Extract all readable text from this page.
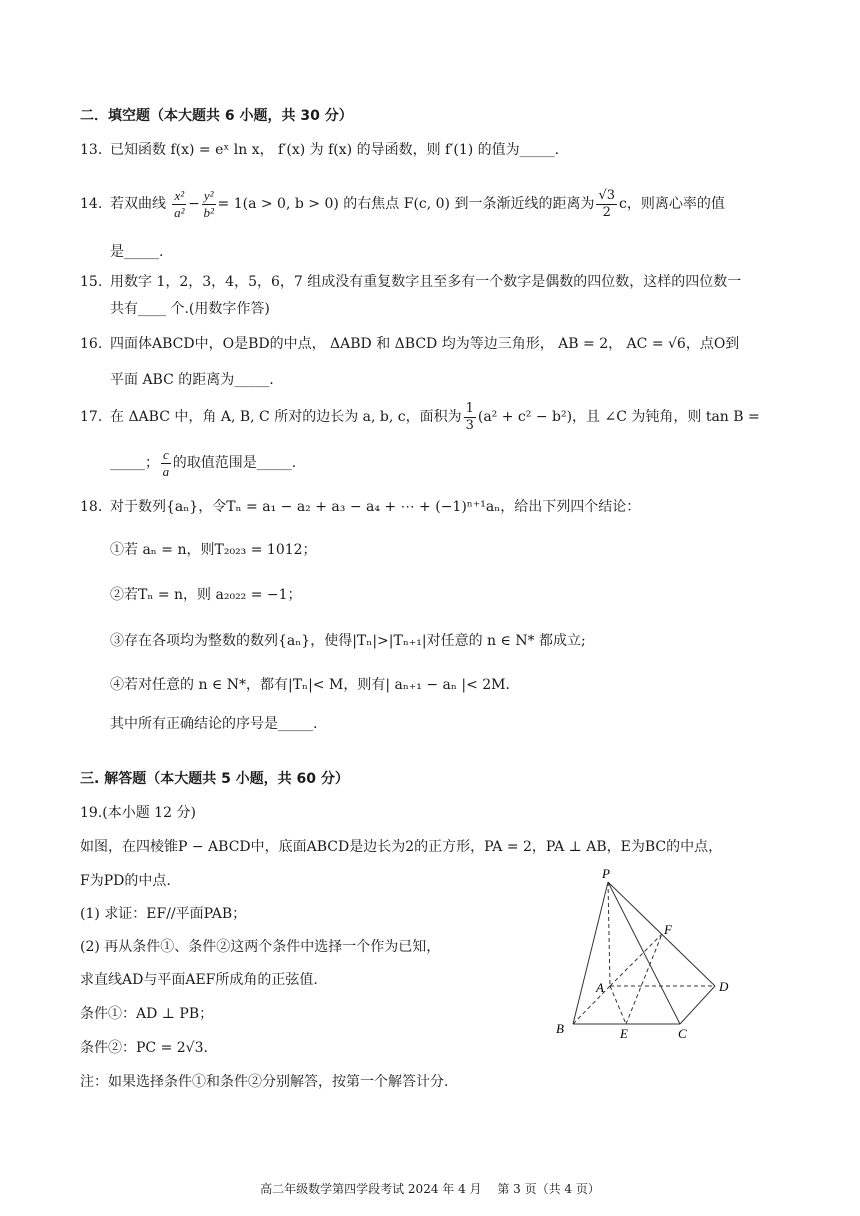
二．填空题（本大题共 6 小题，共 30 分）
13. 已知函数 f(x) = eˣ ln x， f′(x) 为 f(x) 的导函数，则 f′(1) 的值为_____.
14. 若双曲线 $\frac{\text{x²}}{\text{a²}} - \frac{\text{y²}}{\text{b²}} = 1(a > 0$, b > 0) 的右焦点 F(c, 0) 到一条渐近线的距离为 $\frac{√3}{2}$ c，则离心率的值
是_____.
15. 用数字 1，2，3，4，5，6，7 组成没有重复数字且至多有一个数字是偶数的四位数，这样的四位数一
共有____ 个.(用数字作答)
16. 四面体ABCD中，O是BD的中点， ΔABD 和 ΔBCD 均为等边三角形， AB = 2， AC = √6，点O到
平面 ABC 的距离为_____.
17. 在 ΔABC 中，角 A, B, C 所对的边长为 a, b, c，面积为 $\frac{1}{3} (a^2 + c^2 - b^2)$，且 ∠C 为钝角，则 tan B =
_____； $\frac{c}{a}$ 的取值范围是_____.
18. 对于数列{aₙ}，令Tₙ = a₁ − a₂ + a₃ − a₄ + ⋯ + (−1)ⁿ⁺¹aₙ，给出下列四个结论：
①若 aₙ = n，则T₂₀₂₃ = 1012；
②若Tₙ = n，则 a₂₀₂₂ = −1；
③存在各项均为整数的数列{aₙ}，使得|Tₙ|>|Tₙ₊₁|对任意的 n ∈ N* 都成立;
④若对任意的 n ∈ N*，都有|Tₙ|< M，则有| aₙ₊₁ − aₙ |< 2M.
其中所有正确结论的序号是_____.
三. 解答题（本大题共 5 小题，共 60 分）
19.(本小题 12 分)
如图，在四棱锥P − ABCD中，底面ABCD是边长为2的正方形，PA = 2，PA ⊥ AB，E为BC的中点，
F为PD的中点.
(1) 求证：EF//平面PAB；
(2) 再从条件①、条件②这两个条件中选择一个作为已知，
求直线AD与平面AEF所成角的正弦值.
条件①：AD ⊥ PB；
条件②：PC = 2√3.
注：如果选择条件①和条件②分别解答，按第一个解答计分.
P
F
A	D
B	E	C
高二年级数学第四学段考试 2024 年 4 月　 第 3 页（共 4 页）
